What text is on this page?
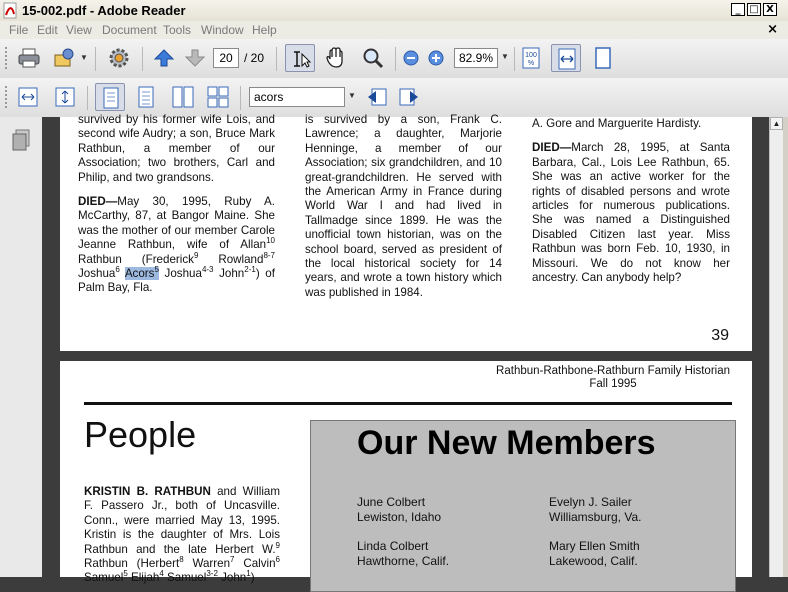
15-002.pdf - Adobe Reader	_ □ X
File Edit View Document Tools Window Help	×
▼	20 / 20	82.9% ▼ 100
%
acors	▼

survived by his former wife Lois, and second wife Audry; a son, Bruce Mark Rathbun, a member of our Association; two brothers, Carl and Philip, and two grandsons.

DIED—May 30, 1995, Ruby A. McCarthy, 87, at Bangor Maine. She was the mother of our member Carole Jeanne Rathbun, wife of Allan$^{10}$ Rathbun (Frederick$^9$ Rowland$^{8-7}$ Joshua$^6$ Acors$^5$ Joshua$^{4-3}$ John$^{2-1}$) of Palm Bay, Fla.

is survived by a son, Frank C. Lawrence; a daughter, Marjorie Henninge, a member of our Association; six grandchildren, and 10 great-grandchildren. He served with the American Army in France during World War I and had lived in Tallmadge since 1899. He was the unofficial town historian, was on the school board, served as president of the local historical society for 14 years, and wrote a town history which was published in 1984.

A. Gore and Marguerite Hardisty.

DIED—March 28, 1995, at Santa Barbara, Cal., Lois Lee Rathbun, 65. She was an active worker for the rights of disabled persons and wrote articles for numerous publications. She was named a Distinguished Disabled Citizen last year. Miss Rathbun was born Feb. 10, 1930, in Missouri. We do not know her ancestry. Can anybody help?

39
Rathbun-Rathbone-Rathburn Family Historian
Fall 1995
People
KRISTIN B. RATHBUN and William F. Passero Jr., both of Uncasville. Conn., were married May 13, 1995. Kristin is the daughter of Mrs. Lois Rathbun and the late Herbert W.$^9$ Rathbun (Herbert$^8$ Warren$^7$ Calvin$^6$ Samuel$^5$ Elijah$^4$ Samuel$^{3-2}$ John$^1$)
Our New Members
June Colbert
Lewiston, Idaho
Evelyn J. Sailer
Williamsburg, Va.
Linda Colbert
Hawthorne, Calif.
Mary Ellen Smith
Lakewood, Calif.
▲
